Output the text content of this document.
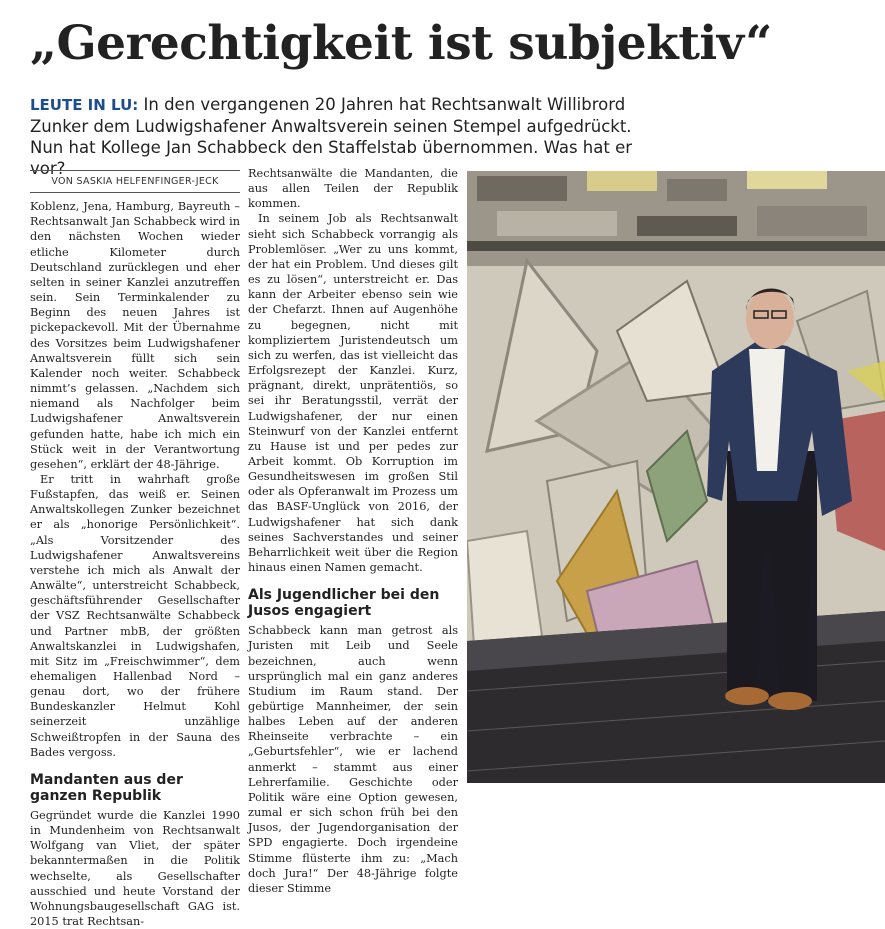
„Gerechtigkeit ist subjektiv“
LEUTE IN LU: In den vergangenen 20 Jahren hat Rechtsanwalt Willibrord Zunker dem Ludwigshafener Anwaltsverein seinen Stempel aufgedrückt. Nun hat Kollege Jan Schabbeck den Staffelstab übernommen. Was hat er vor?
VON SASKIA HELFENFINGER-JECK

Koblenz, Jena, Hamburg, Bayreuth – Rechtsanwalt Jan Schabbeck wird in den nächsten Wochen wieder etliche Kilometer durch Deutschland zurücklegen und eher selten in seiner Kanzlei anzutreffen sein. Sein Terminkalender zu Beginn des neuen Jahres ist pickepackevoll. Mit der Übernahme des Vorsitzes beim Ludwigshafener Anwaltsverein füllt sich sein Kalender noch weiter. Schabbeck nimmt’s gelassen. „Nachdem sich niemand als Nachfolger beim Ludwigshafener Anwaltsverein gefunden hatte, habe ich mich ein Stück weit in der Verantwortung gesehen“, erklärt der 48-Jährige.

Er tritt in wahrhaft große Fußstapfen, das weiß er. Seinen Anwaltskollegen Zunker bezeichnet er als „honorige Persönlichkeit“. „Als Vorsitzender des Ludwigshafener Anwaltsvereins verstehe ich mich als Anwalt der Anwälte“, unterstreicht Schabbeck, geschäftsführender Gesellschafter der VSZ Rechtsanwälte Schabbeck und Partner mbB, der größten Anwaltskanzlei in Ludwigshafen, mit Sitz im „Freischwimmer“, dem ehemaligen Hallenbad Nord – genau dort, wo der frühere Bundeskanzler Helmut Kohl seinerzeit unzählige Schweißtropfen in der Sauna des Bades vergoss.

Mandanten aus der ganzen Republik

Gegründet wurde die Kanzlei 1990 in Mundenheim von Rechtsanwalt Wolfgang van Vliet, der später bekanntermaßen in die Politik wechselte, als Gesellschafter ausschied und heute Vorstand der Wohnungsbaugesellschaft GAG ist. 2015 trat Rechtsan-

Rechtsanwälte die Mandanten, die aus allen Teilen der Republik kommen.

In seinem Job als Rechtsanwalt sieht sich Schabbeck vorrangig als Problemlöser. „Wer zu uns kommt, der hat ein Problem. Und dieses gilt es zu lösen“, unterstreicht er. Das kann der Arbeiter ebenso sein wie der Chefarzt. Ihnen auf Augenhöhe zu begegnen, nicht mit kompliziertem Juristendeutsch um sich zu werfen, das ist vielleicht das Erfolgsrezept der Kanzlei. Kurz, prägnant, direkt, unprätentiös, so sei ihr Beratungsstil, verrät der Ludwigshafener, der nur einen Steinwurf von der Kanzlei entfernt zu Hause ist und per pedes zur Arbeit kommt. Ob Korruption im Gesundheitswesen im großen Stil oder als Opferanwalt im Prozess um das BASF-Unglück von 2016, der Ludwigshafener hat sich dank seines Sachverstandes und seiner Beharrlichkeit weit über die Region hinaus einen Namen gemacht.

Als Jugendlicher bei den Jusos engagiert

Schabbeck kann man getrost als Juristen mit Leib und Seele bezeichnen, auch wenn ursprünglich mal ein ganz anderes Studium im Raum stand. Der gebürtige Mannheimer, der sein halbes Leben auf der anderen Rheinseite verbrachte – ein „Geburtsfehler“, wie er lachend anmerkt – stammt aus einer Lehrerfamilie. Geschichte oder Politik wäre eine Option gewesen, zumal er sich schon früh bei den Jusos, der Jugendorganisation der SPD engagierte. Doch irgendeine Stimme flüsterte ihm zu: „Mach doch Jura!“ Der 48-Jährige folgte dieser Stimme
